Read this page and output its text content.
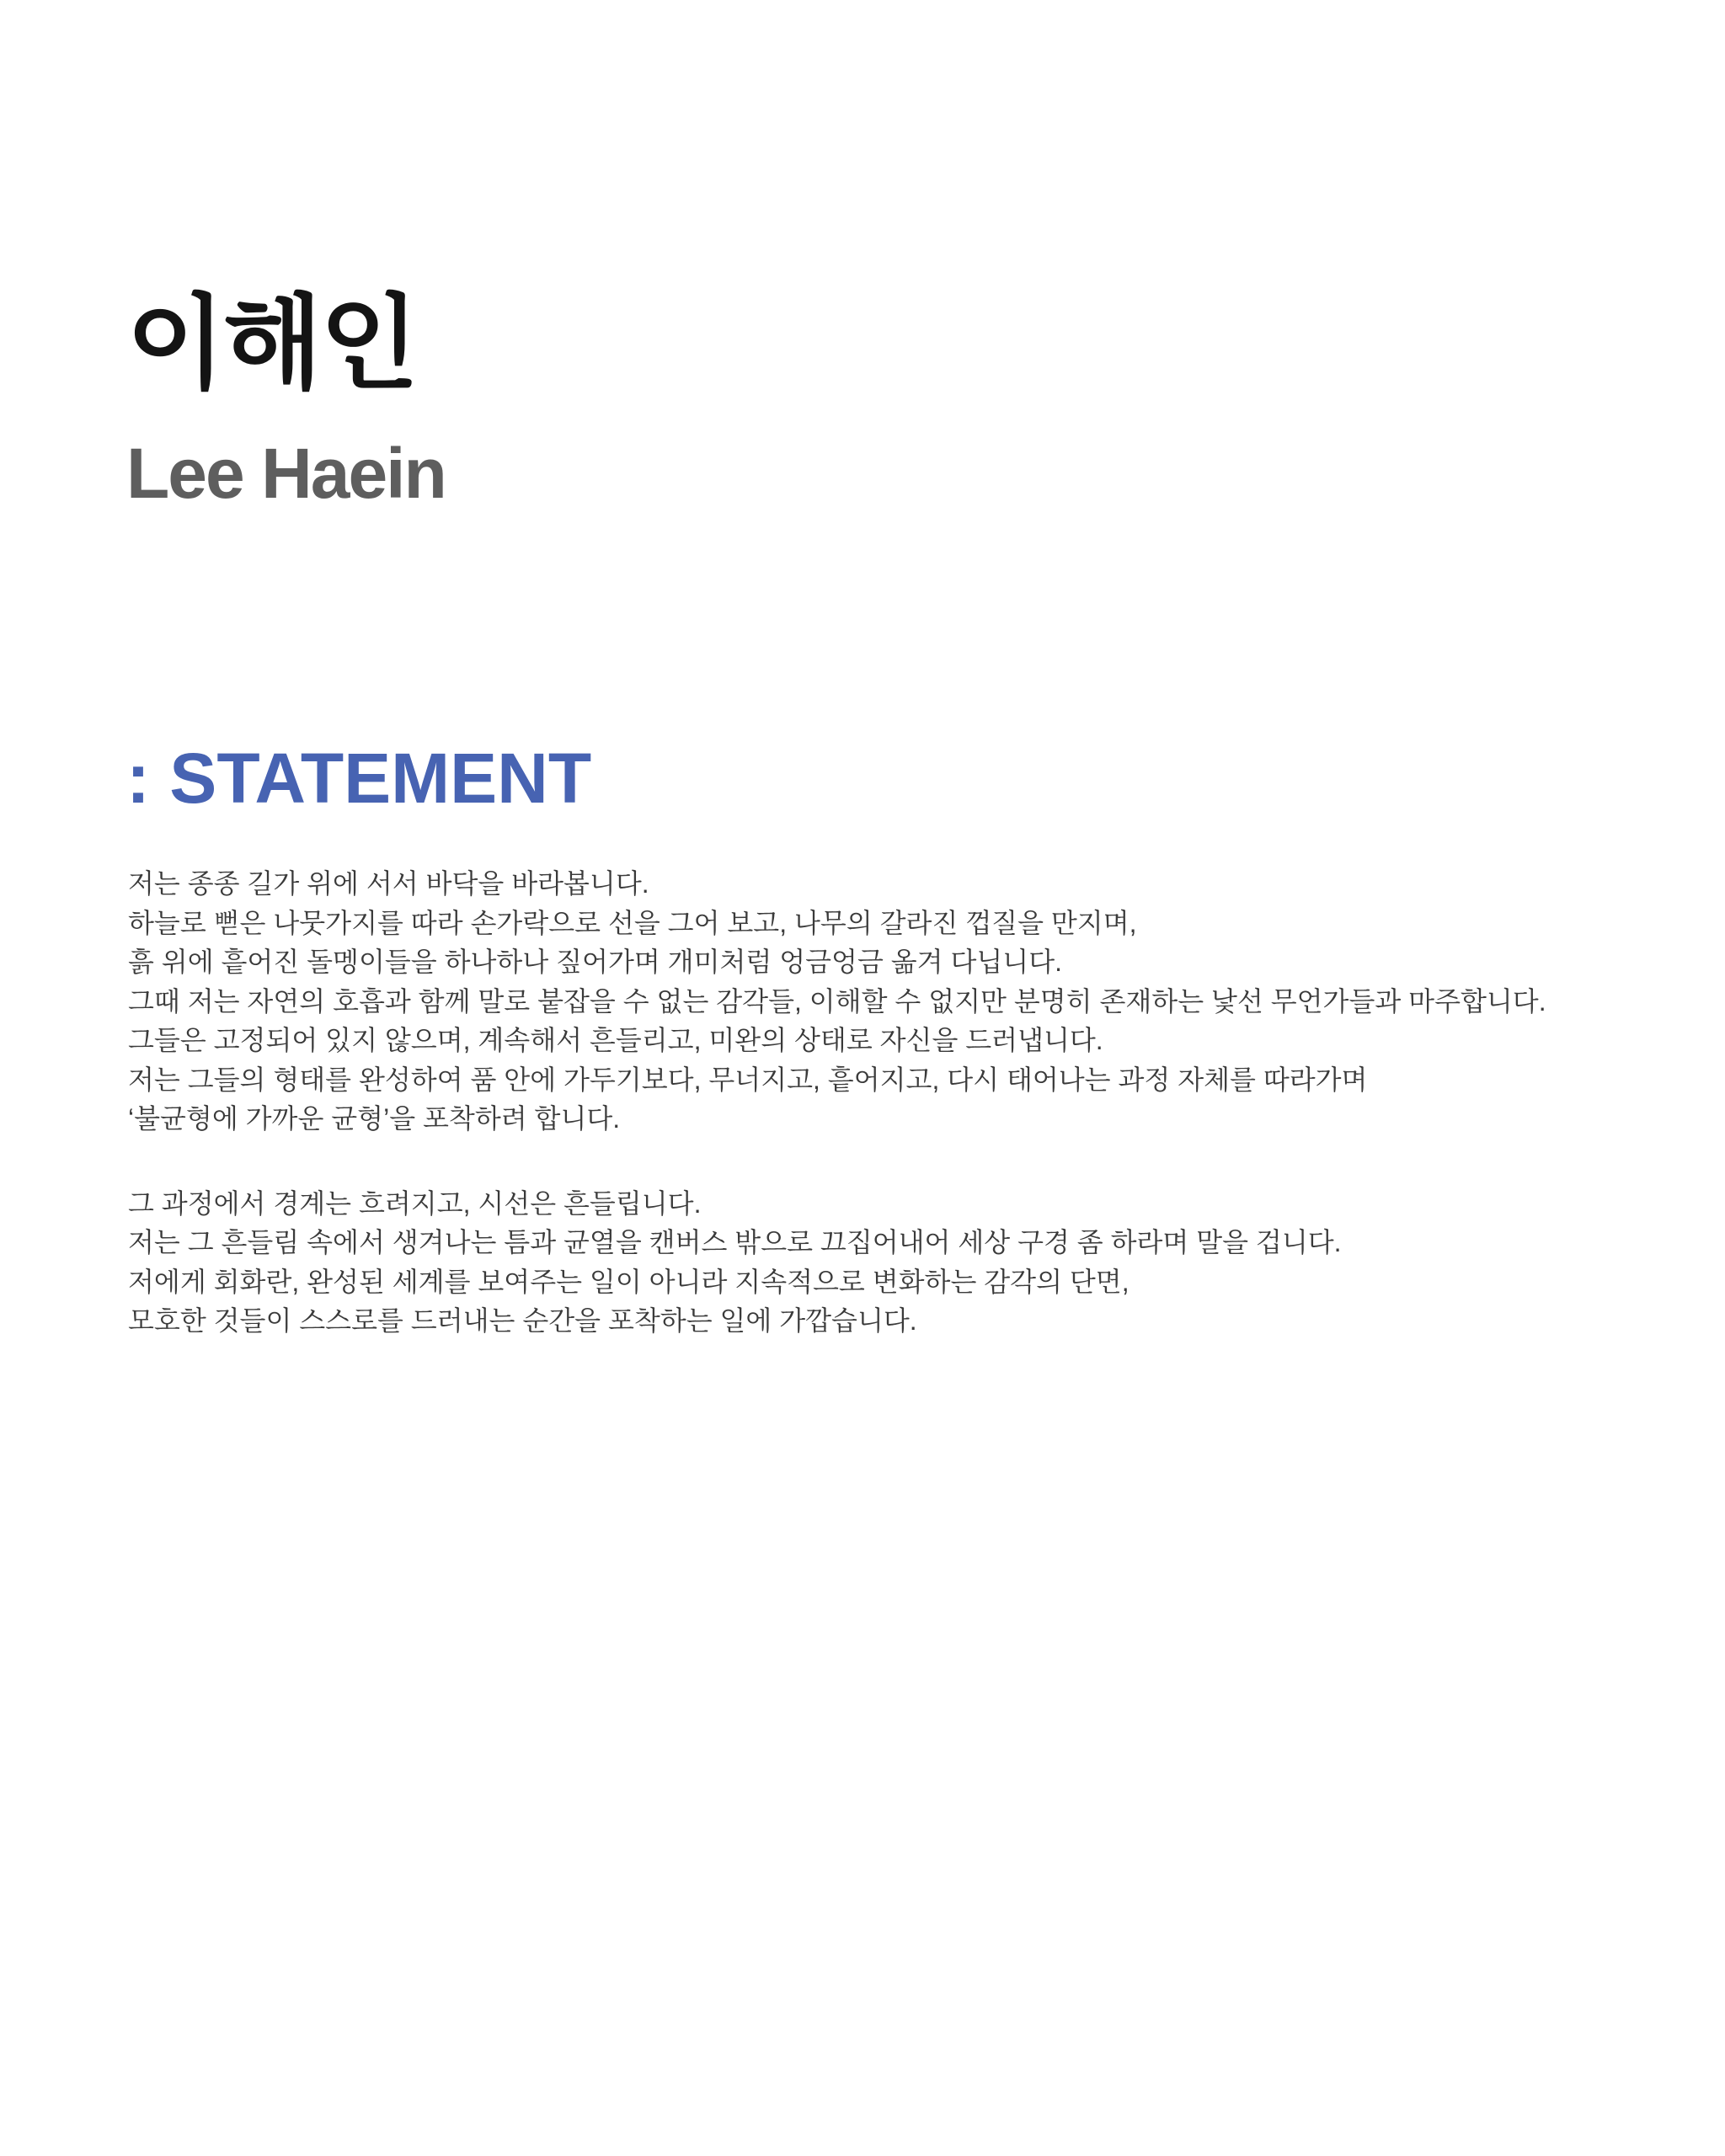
이해인
Lee Haein
: STATEMENT
저는 종종 길가 위에 서서 바닥을 바라봅니다.
하늘로 뻗은 나뭇가지를 따라 손가락으로 선을 그어 보고, 나무의 갈라진 껍질을 만지며,
흙 위에 흩어진 돌멩이들을 하나하나 짚어가며 개미처럼 엉금엉금 옮겨 다닙니다.
그때 저는 자연의 호흡과 함께 말로 붙잡을 수 없는 감각들, 이해할 수 없지만 분명히 존재하는 낯선 무언가들과 마주합니다.
그들은 고정되어 있지 않으며, 계속해서 흔들리고, 미완의 상태로 자신을 드러냅니다.
저는 그들의 형태를 완성하여 품 안에 가두기보다, 무너지고, 흩어지고, 다시 태어나는 과정 자체를 따라가며
‘불균형에 가까운 균형’을 포착하려 합니다.
그 과정에서 경계는 흐려지고, 시선은 흔들립니다.
저는 그 흔들림 속에서 생겨나는 틈과 균열을 캔버스 밖으로 끄집어내어 세상 구경 좀 하라며 말을 겁니다.
저에게 회화란, 완성된 세계를 보여주는 일이 아니라 지속적으로 변화하는 감각의 단면,
모호한 것들이 스스로를 드러내는 순간을 포착하는 일에 가깝습니다.
